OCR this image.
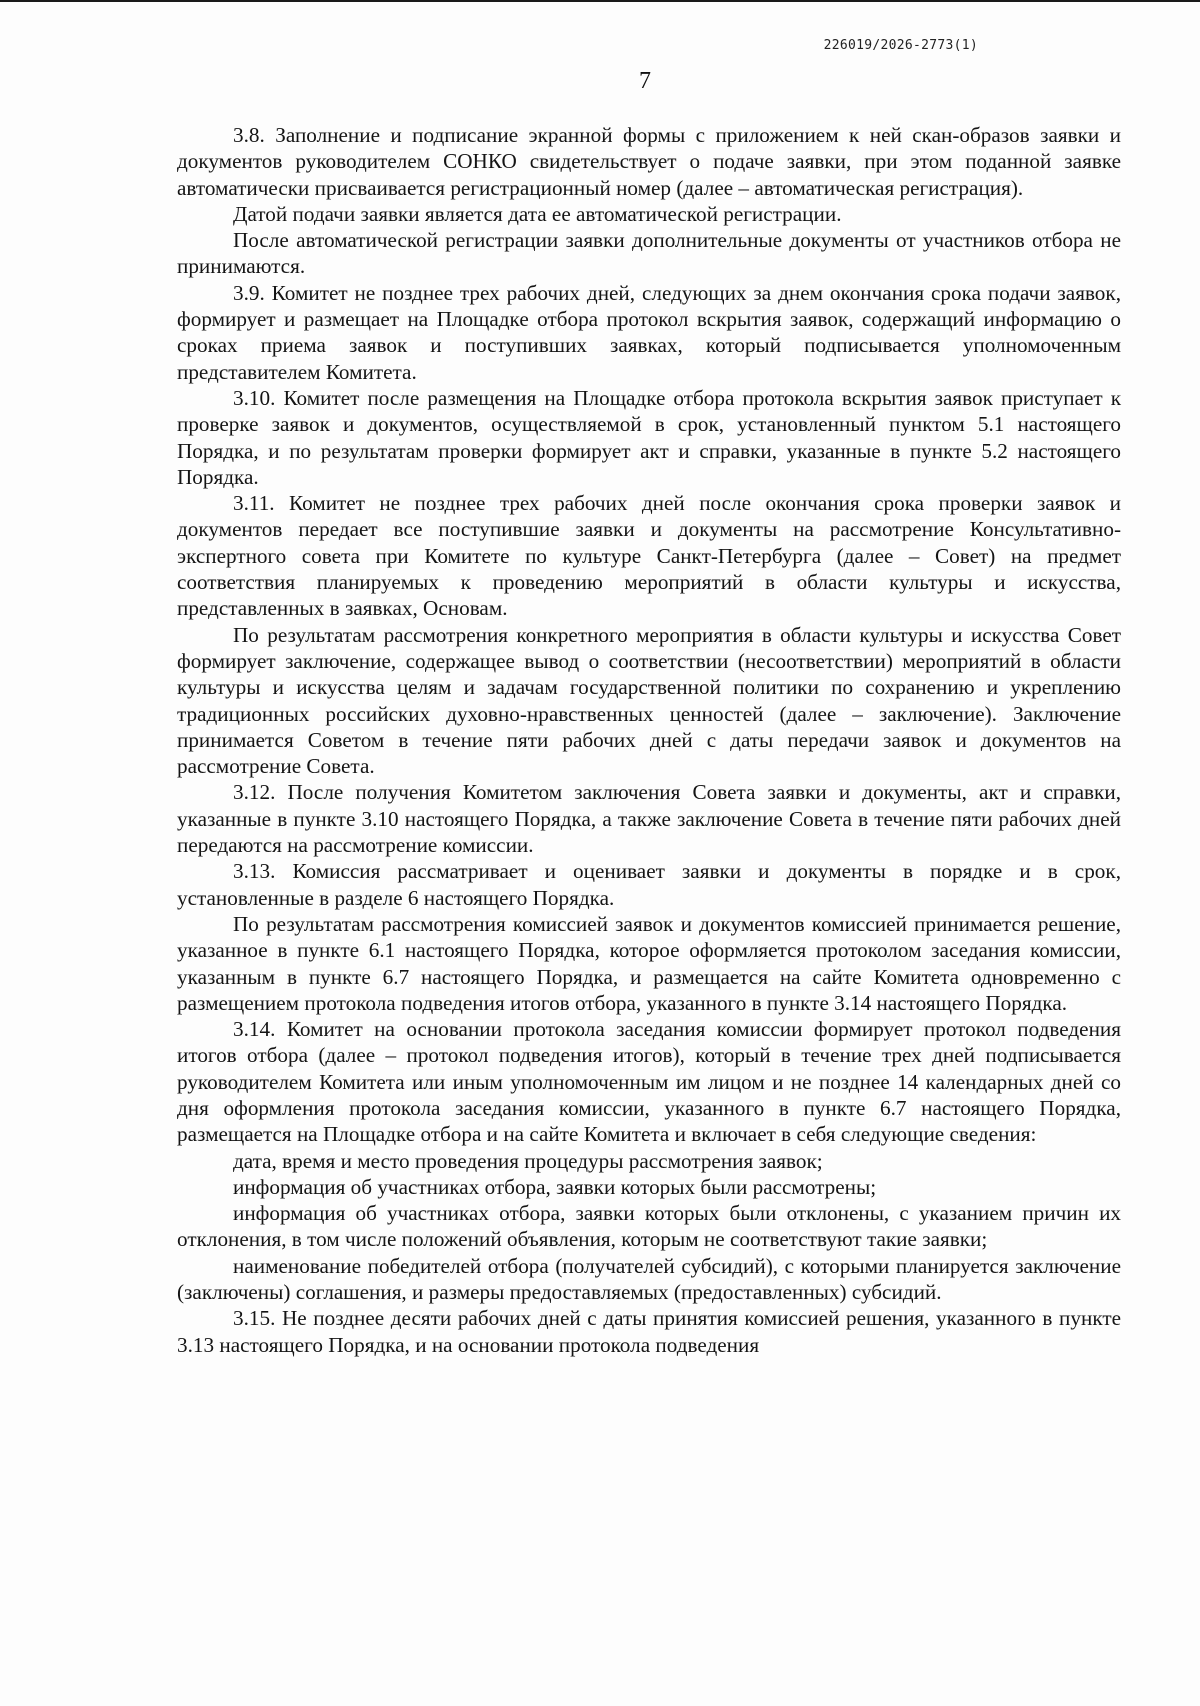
226019/2026-2773(1)
7

3.8. Заполнение и подписание экранной формы с приложением к ней скан-образов заявки и документов руководителем СОНКО свидетельствует о подаче заявки, при этом поданной заявке автоматически присваивается регистрационный номер (далее – автоматическая регистрация).

Датой подачи заявки является дата ее автоматической регистрации.

После автоматической регистрации заявки дополнительные документы от участников отбора не принимаются.

3.9. Комитет не позднее трех рабочих дней, следующих за днем окончания срока подачи заявок, формирует и размещает на Площадке отбора протокол вскрытия заявок, содержащий информацию о сроках приема заявок и поступивших заявках, который подписывается уполномоченным представителем Комитета.

3.10. Комитет после размещения на Площадке отбора протокола вскрытия заявок приступает к проверке заявок и документов, осуществляемой в срок, установленный пунктом 5.1 настоящего Порядка, и по результатам проверки формирует акт и справки, указанные в пункте 5.2 настоящего Порядка.

3.11. Комитет не позднее трех рабочих дней после окончания срока проверки заявок и документов передает все поступившие заявки и документы на рассмотрение Консультативно-экспертного совета при Комитете по культуре Санкт-Петербурга (далее – Совет) на предмет соответствия планируемых к проведению мероприятий в области культуры и искусства, представленных в заявках, Основам.

По результатам рассмотрения конкретного мероприятия в области культуры и искусства Совет формирует заключение, содержащее вывод о соответствии (несоответствии) мероприятий в области культуры и искусства целям и задачам государственной политики по сохранению и укреплению традиционных российских духовно-нравственных ценностей (далее – заключение). Заключение принимается Советом в течение пяти рабочих дней с даты передачи заявок и документов на рассмотрение Совета.

3.12. После получения Комитетом заключения Совета заявки и документы, акт и справки, указанные в пункте 3.10 настоящего Порядка, а также заключение Совета в течение пяти рабочих дней передаются на рассмотрение комиссии.

3.13. Комиссия рассматривает и оценивает заявки и документы в порядке и в срок, установленные в разделе 6 настоящего Порядка.

По результатам рассмотрения комиссией заявок и документов комиссией принимается решение, указанное в пункте 6.1 настоящего Порядка, которое оформляется протоколом заседания комиссии, указанным в пункте 6.7 настоящего Порядка, и размещается на сайте Комитета одновременно с размещением протокола подведения итогов отбора, указанного в пункте 3.14 настоящего Порядка.

3.14. Комитет на основании протокола заседания комиссии формирует протокол подведения итогов отбора (далее – протокол подведения итогов), который в течение трех дней подписывается руководителем Комитета или иным уполномоченным им лицом и не позднее 14 календарных дней со дня оформления протокола заседания комиссии, указанного в пункте 6.7 настоящего Порядка, размещается на Площадке отбора и на сайте Комитета и включает в себя следующие сведения:

дата, время и место проведения процедуры рассмотрения заявок;

информация об участниках отбора, заявки которых были рассмотрены;

информация об участниках отбора, заявки которых были отклонены, с указанием причин их отклонения, в том числе положений объявления, которым не соответствуют такие заявки;

наименование победителей отбора (получателей субсидий), с которыми планируется заключение (заключены) соглашения, и размеры предоставляемых (предоставленных) субсидий.

3.15. Не позднее десяти рабочих дней с даты принятия комиссией решения, указанного в пункте 3.13 настоящего Порядка, и на основании протокола подведения
